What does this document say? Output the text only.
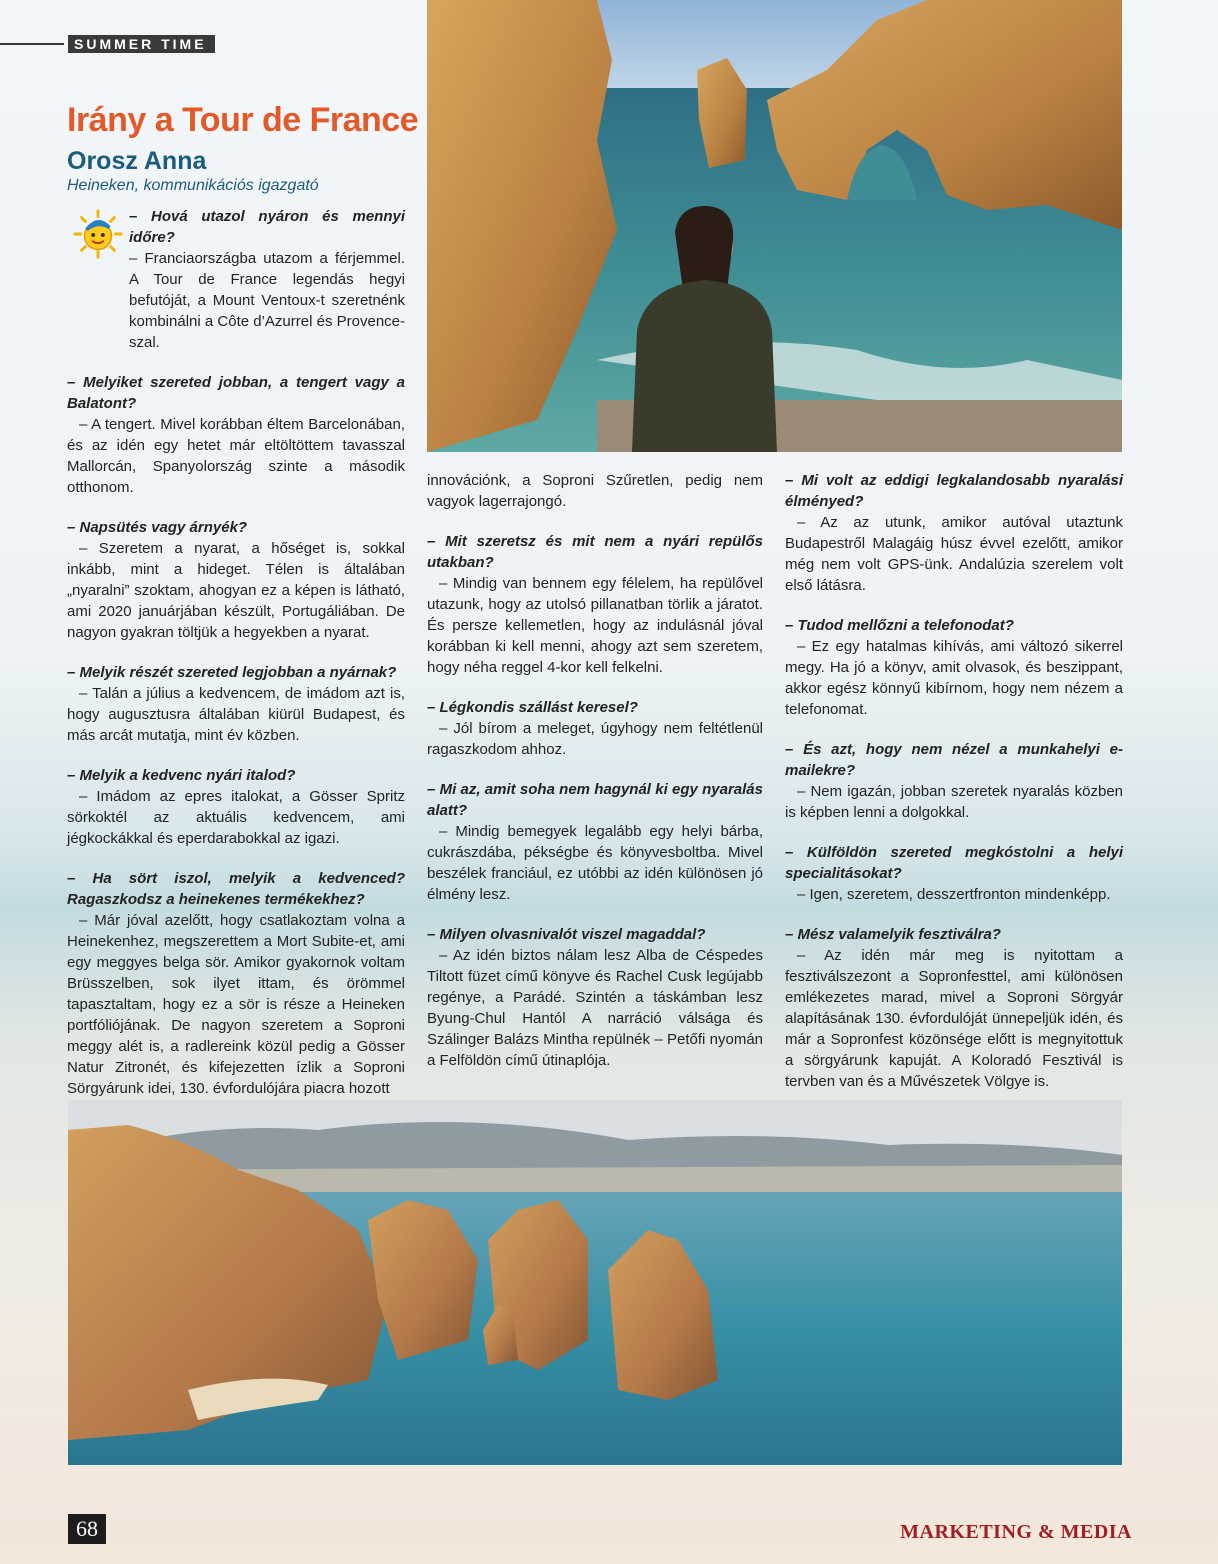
SUMMER TIME
Irány a Tour de France
Orosz Anna
Heineken, kommunikációs igazgató

– Hová utazol nyáron és mennyi időre?

– Franciaországba utazom a férjemmel. A Tour de France legendás hegyi befutóját, a Mount Ventoux-t szeretnénk kombinálni a Côte d’Azurrel és Provence-szal.

– Melyiket szereted jobban, a tengert vagy a Balatont?

– A tengert. Mivel korábban éltem Barcelonában, és az idén egy hetet már eltöltöttem tavasszal Mallorcán, Spanyolország szinte a második otthonom.

– Napsütés vagy árnyék?

– Szeretem a nyarat, a hőséget is, sokkal inkább, mint a hideget. Télen is általában „nyaralni” szoktam, ahogyan ez a képen is látható, ami 2020 januárjában készült, Portugáliában. De nagyon gyakran töltjük a hegyekben a nyarat.

– Melyik részét szereted legjobban a nyárnak?

– Talán a július a kedvencem, de imádom azt is, hogy augusztusra általában kiürül Budapest, és más arcát mutatja, mint év közben.

– Melyik a kedvenc nyári italod?

– Imádom az epres italokat, a Gösser Spritz sörkoktél az aktuális kedvencem, ami jégkockákkal és eperdarabokkal az igazi.

– Ha sört iszol, melyik a kedvenced? Ragaszkodsz a heinekenes termékekhez?

– Már jóval azelőtt, hogy csatlakoztam volna a Heinekenhez, megszerettem a Mort Subite-et, ami egy meggyes belga sör. Amikor gyakornok voltam Brüsszelben, sok ilyet ittam, és örömmel tapasztaltam, hogy ez a sör is része a Heineken portfóliójának. De nagyon szeretem a Soproni meggy alét is, a radlereink közül pedig a Gösser Natur Zitronét, és kifejezetten ízlik a Soproni Sörgyárunk idei, 130. évfordulójára piacra hozott

innovációnk, a Soproni Szűretlen, pedig nem vagyok lagerrajongó.

– Mit szeretsz és mit nem a nyári repülős utakban?

– Mindig van bennem egy félelem, ha repülővel utazunk, hogy az utolsó pillanatban törlik a járatot. És persze kellemetlen, hogy az indulásnál jóval korábban ki kell menni, ahogy azt sem szeretem, hogy néha reggel 4-kor kell felkelni.

– Légkondis szállást keresel?

– Jól bírom a meleget, úgyhogy nem feltétlenül ragaszkodom ahhoz.

– Mi az, amit soha nem hagynál ki egy nyaralás alatt?

– Mindig bemegyek legalább egy helyi bárba, cukrászdába, pékségbe és könyvesboltba. Mivel beszélek franciául, ez utóbbi az idén különösen jó élmény lesz.

– Milyen olvasnivalót viszel magaddal?

– Az idén biztos nálam lesz Alba de Céspedes Tiltott füzet című könyve és Rachel Cusk legújabb regénye, a Parádé. Szintén a táskámban lesz Byung-Chul Hantól A narráció válsága és Szálinger Balázs Mintha repülnék – Petőfi nyomán a Felföldön című útinaplója.

– Mi volt az eddigi legkalandosabb nyaralási élményed?

– Az az utunk, amikor autóval utaztunk Budapestről Malagáig húsz évvel ezelőtt, amikor még nem volt GPS-ünk. Andalúzia szerelem volt első látásra.

– Tudod mellőzni a telefonodat?

– Ez egy hatalmas kihívás, ami változó sikerrel megy. Ha jó a könyv, amit olvasok, és beszippant, akkor egész könnyű kibírnom, hogy nem nézem a telefonomat.

– És azt, hogy nem nézel a munkahelyi e-mailekre?

– Nem igazán, jobban szeretek nyaralás közben is képben lenni a dolgokkal.

– Külföldön szereted megkóstolni a helyi specialitásokat?

– Igen, szeretem, desszertfronton mindenképp.

– Mész valamelyik fesztiválra?

– Az idén már meg is nyitottam a fesztiválszezont a Sopronfesttel, ami különösen emlékezetes marad, mivel a Soproni Sörgyár alapításának 130. évfordulóját ünnepeljük idén, és már a Sopronfest közönsége előtt is megnyitottuk a sörgyárunk kapuját. A Koloradó Fesztivál is tervben van és a Művészetek Völgye is.

68	MARKETING & MEDIA
